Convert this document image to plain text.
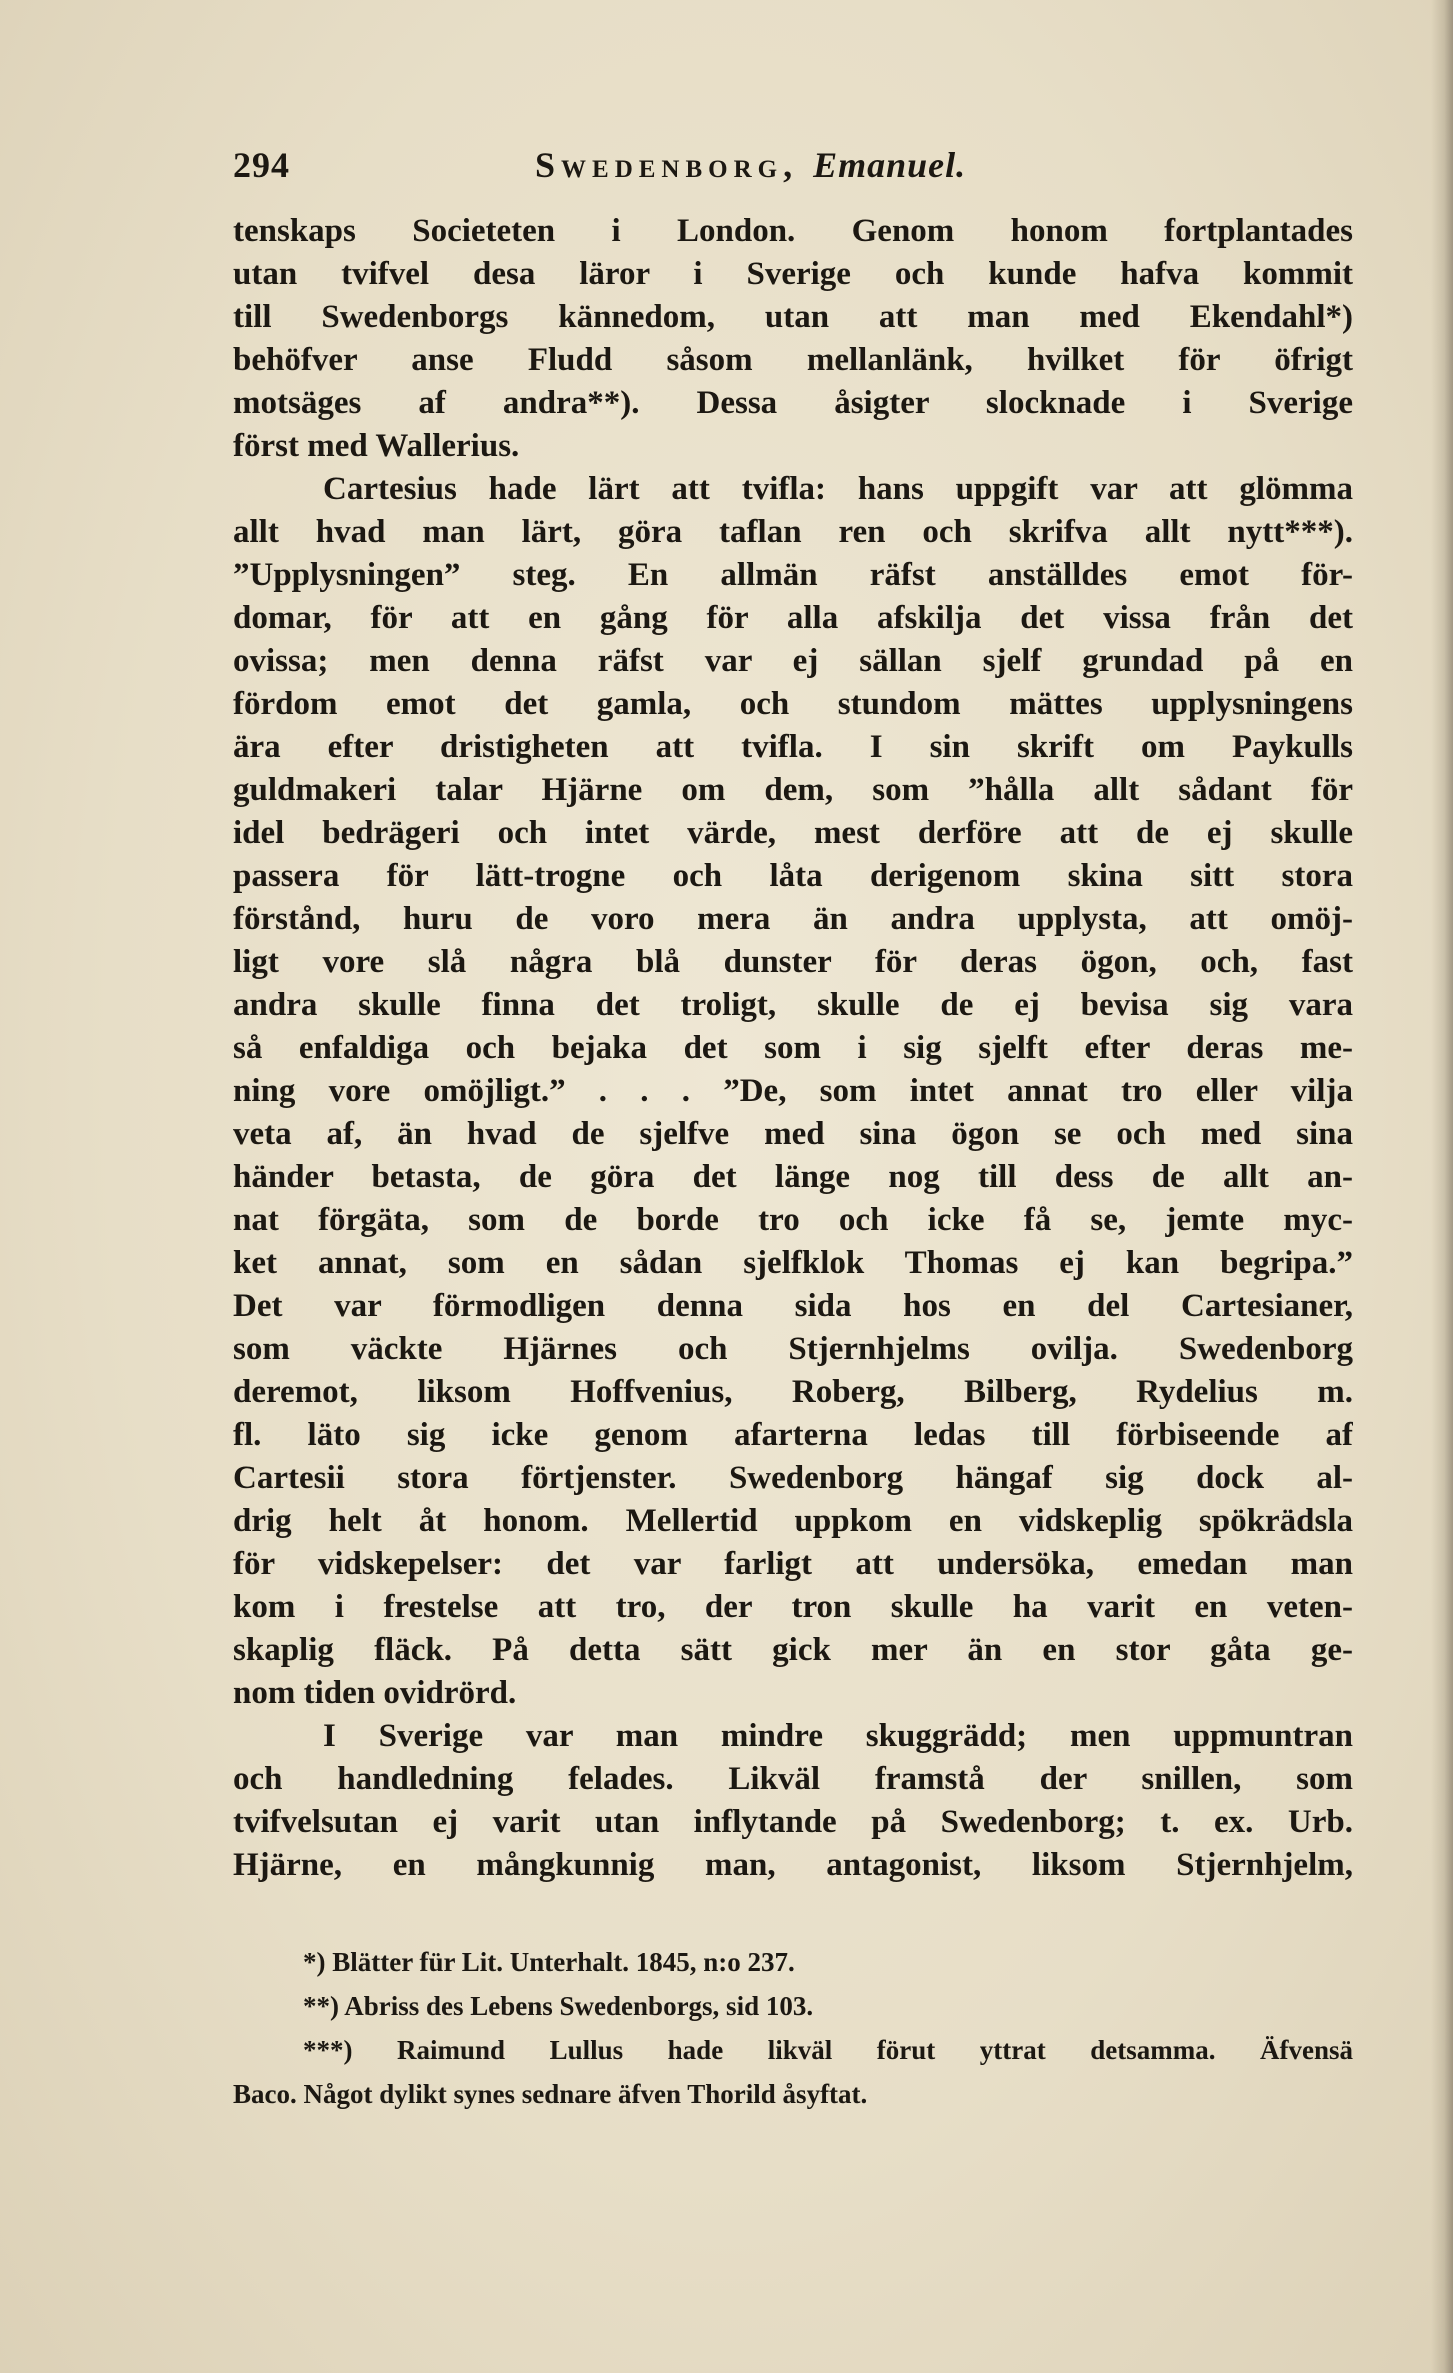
294	Swedenborg, Emanuel.
tenskaps Societeten i London. Genom honom fortplantades
utan tvifvel desa läror i Sverige och kunde hafva kommit
till Swedenborgs kännedom, utan att man med Ekendahl*)
behöfver anse Fludd såsom mellanlänk, hvilket för öfrigt
motsäges af andra**). Dessa åsigter slocknade i Sverige
först med Wallerius.
Cartesius hade lärt att tvifla: hans uppgift var att glömma
allt hvad man lärt, göra taflan ren och skrifva allt nytt***).
”Upplysningen” steg. En allmän räfst anställdes emot för-
domar, för att en gång för alla afskilja det vissa från det
ovissa; men denna räfst var ej sällan sjelf grundad på en
fördom emot det gamla, och stundom mättes upplysningens
ära efter dristigheten att tvifla. I sin skrift om Paykulls
guldmakeri talar Hjärne om dem, som ”hålla allt sådant för
idel bedrägeri och intet värde, mest derföre att de ej skulle
passera för lätt-trogne och låta derigenom skina sitt stora
förstånd, huru de voro mera än andra upplysta, att omöj-
ligt vore slå några blå dunster för deras ögon, och, fast
andra skulle finna det troligt, skulle de ej bevisa sig vara
så enfaldiga och bejaka det som i sig sjelft efter deras me-
ning vore omöjligt.” . . . ”De, som intet annat tro eller vilja
veta af, än hvad de sjelfve med sina ögon se och med sina
händer betasta, de göra det länge nog till dess de allt an-
nat förgäta, som de borde tro och icke få se, jemte myc-
ket annat, som en sådan sjelfklok Thomas ej kan begripa.”
Det var förmodligen denna sida hos en del Cartesianer,
som väckte Hjärnes och Stjernhjelms ovilja. Swedenborg
deremot, liksom Hoffvenius, Roberg, Bilberg, Rydelius m.
fl. läto sig icke genom afarterna ledas till förbiseende af
Cartesii stora förtjenster. Swedenborg hängaf sig dock al-
drig helt åt honom. Mellertid uppkom en vidskeplig spökrädsla
för vidskepelser: det var farligt att undersöka, emedan man
kom i frestelse att tro, der tron skulle ha varit en veten-
skaplig fläck. På detta sätt gick mer än en stor gåta ge-
nom tiden ovidrörd.
I Sverige var man mindre skuggrädd; men uppmuntran
och handledning felades. Likväl framstå der snillen, som
tvifvelsutan ej varit utan inflytande på Swedenborg; t. ex. Urb.
Hjärne, en mångkunnig man, antagonist, liksom Stjernhjelm,
*) Blätter für Lit. Unterhalt. 1845, n:o 237.
**) Abriss des Lebens Swedenborgs, sid 103.
***) Raimund Lullus hade likväl förut yttrat detsamma. Äfvensä
Baco. Något dylikt synes sednare äfven Thorild åsyftat.
